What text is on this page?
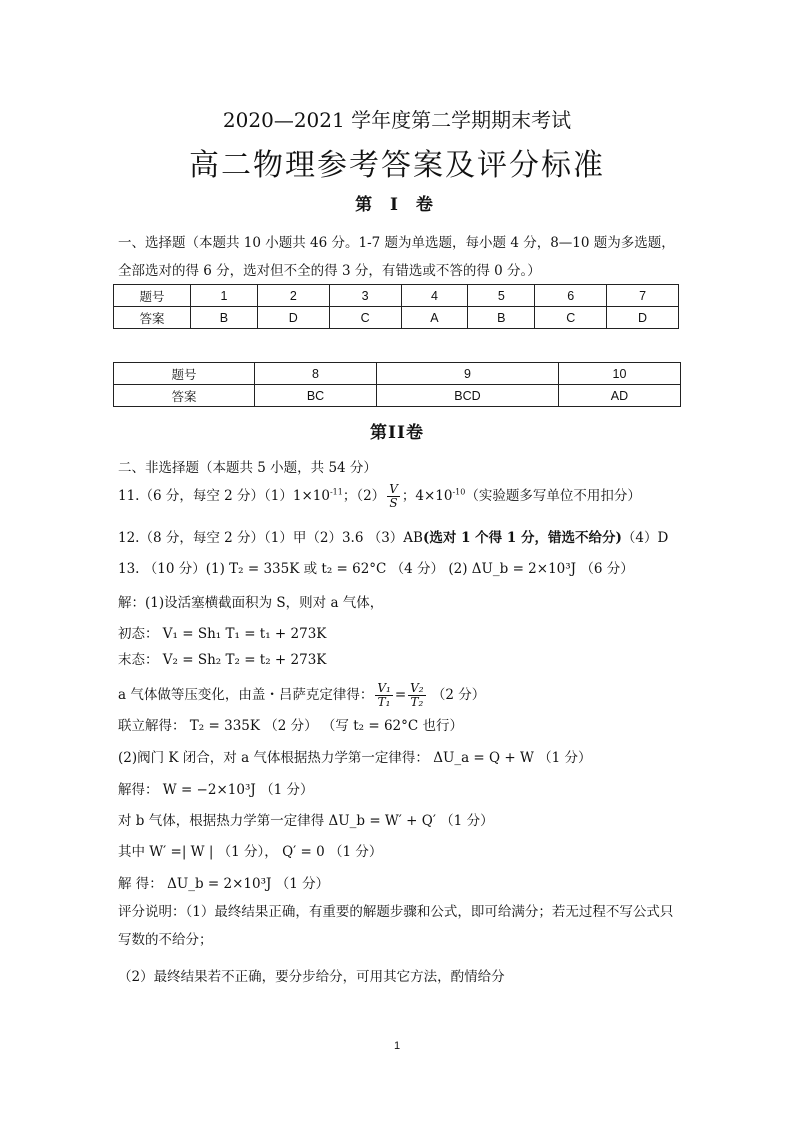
2020—2021 学年度第二学期期末考试
高二物理参考答案及评分标准
第 I 卷
一、选择题（本题共 10 小题共 46 分。1-7 题为单选题，每小题 4 分，8—10 题为多选题，
全部选对的得 6 分，选对但不全的得 3 分，有错选或不答的得 0 分。）
题号	1	2	3	4	5	6	7
答案	B	D	C	A	B	C	D
题号	8	9	10
答案	BC	BCD	AD
第II卷
二、非选择题（本题共 5 小题，共 54 分）
11.（6 分，每空 2 分）$(1)1\times 10^{-11}$；$(2) \frac{V}{S}$ ；$4\times 10^{-10}$（实验题多写单位不用扣分）
12.（8 分，每空 2 分）（1）甲（2）3.6 （3）AB(选对 1 个得 1 分，错选不给分)（4）D
13. （10 分）(1) T₂ = 335K 或 t₂ = 62°C （4 分） (2) ΔU_b = 2×10³J （6 分）
解：(1)设活塞横截面积为 S，则对 a 气体，
初态： V₁ = Sh₁ T₁ = t₁ + 273K
末态： V₂ = Sh₂ T₂ = t₂ + 273K
a 气体做等压变化，由盖・吕萨克定律得： $\frac{\text{V₁}}{\text{T₁}} = \frac{\text{V₂}}{\text{T₂}} (2$ 分）
联立解得： T₂ = 335K （2 分） （写 t₂ = 62°C 也行）
(2)阀门 K 闭合，对 a 气体根据热力学第一定律得： ΔU_a = Q + W （1 分）
解得： W = −2×10³J （1 分）
对 b 气体，根据热力学第一定律得 ΔU_b = W′ + Q′ （1 分）
其中 W′ =| W | （1 分）， Q′ = 0 （1 分）
解 得： ΔU_b = 2×10³J （1 分）
评分说明：（1）最终结果正确，有重要的解题步骤和公式，即可给满分；若无过程不写公式只写数的不给分；
（2）最终结果若不正确，要分步给分，可用其它方法，酌情给分
1
